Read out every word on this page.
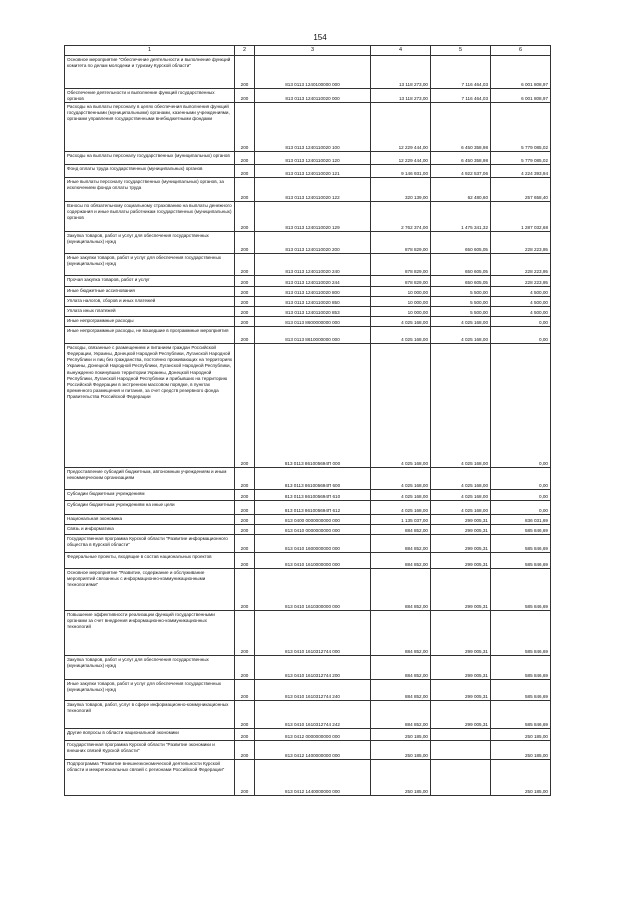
154
1	2	3	4	5	6
Основное мероприятие "Обеспечение деятельности и выполнение функций комитета по делам молодежи и туризму Курской области"	200	813 0113 1240100000 000	13 118 273,00	7 116 464,03	6 001 808,97
Обеспечение деятельности и выполнение функций государственных органов	200	813 0113 1240110020 000	13 118 273,00	7 116 464,03	6 001 808,97
Расходы на выплаты персоналу в целях обеспечения выполнения функций государственными (муниципальными) органами, казенными учреждениями, органами управления государственными внебюджетными фондами	200	813 0113 1240110020 100	12 229 444,00	6 450 358,98	5 779 085,02
Расходы на выплаты персоналу государственных (муниципальных) органов	200	813 0113 1240110020 120	12 229 444,00	6 450 358,98	5 779 085,02
Фонд оплаты труда государственных (муниципальных) органов	200	813 0113 1240110020 121	9 146 931,00	4 922 537,06	4 224 393,94
Иные выплаты персоналу государственных (муниципальных) органов, за исключением фонда оплаты труда	200	813 0113 1240110020 122	320 139,00	62 480,60	257 658,40
Взносы по обязательному социальному страхованию на выплаты денежного содержания и иные выплаты работникам государственных (муниципальных) органов	200	813 0113 1240110020 129	2 762 374,00	1 475 341,32	1 287 032,68
Закупка товаров, работ и услуг для обеспечения государственных (муниципальных) нужд	200	813 0113 1240110020 200	878 829,00	650 605,05	228 223,95
Иные закупки товаров, работ и услуг для обеспечения государственных (муниципальных) нужд	200	813 0113 1240110020 240	878 829,00	650 605,05	228 223,95
Прочая закупка товаров, работ и услуг	200	813 0113 1240110020 244	878 829,00	650 605,05	228 223,95
Иные бюджетные ассигнования	200	813 0113 1240110020 800	10 000,00	5 500,00	4 500,00
Уплата налогов, сборов и иных платежей	200	813 0113 1240110020 850	10 000,00	5 500,00	4 500,00
Уплата иных платежей	200	813 0113 1240110020 853	10 000,00	5 500,00	4 500,00
Иные непрограммные расходы	200	813 0113 8600000000 000	4 025 168,00	4 025 168,00	0,00
Иные непрограммные расходы, не вошедшие в программные мероприятия	200	813 0113 8610000000 000	4 025 168,00	4 025 168,00	0,00
Расходы, связанные с размещением и питанием граждан Российской Федерации, Украины, Донецкой Народной Республики, Луганской Народной Республики и лиц без гражданства, постоянно проживающих на территориях Украины, Донецкой Народной Республики, Луганской Народной Республики, вынужденно покинувших территории Украины, Донецкой Народной Республики, Луганской Народной Республики и прибывших на территорию Российской Федерации в экстренном массовом порядке, в пунктах временного размещения и питания, за счет средств резервного фонда Правительства Российской Федерации	200	813 0113 861005694П 000	4 025 168,00	4 025 168,00	0,00
Предоставление субсидий бюджетным, автономным учреждениям и иным некоммерческим организациям	200	813 0113 861005694П 600	4 025 168,00	4 025 168,00	0,00
Субсидии бюджетным учреждениям	200	813 0113 861005694П 610	4 025 168,00	4 025 168,00	0,00
Субсидии бюджетным учреждениям на иные цели	200	813 0113 861005694П 612	4 025 168,00	4 025 168,00	0,00
Национальная экономика	200	813 0400 0000000000 000	1 135 037,00	299 005,31	836 031,69
Связь и информатика	200	813 0410 0000000000 000	884 852,00	299 005,31	585 846,69
Государственная программа Курской области "Развитие информационного общества в Курской области"	200	813 0410 1600000000 000	884 852,00	299 005,31	585 846,69
Федеральные проекты, входящие в состав национальных проектов	200	813 0410 1610000000 000	884 852,00	299 005,31	585 846,69
Основное мероприятие "Развитие, содержание и обслуживание мероприятий связанных с информационно-коммуникационными технологиями"	200	813 0410 1610300000 000	884 852,00	299 005,31	585 846,69
Повышение эффективности реализации функций государственными органами за счет внедрения информационно-коммуникационных технологий	200	813 0410 1610312744 000	884 852,00	299 005,31	585 846,69
Закупка товаров, работ и услуг для обеспечения государственных (муниципальных) нужд	200	813 0410 1610312744 200	884 852,00	299 005,31	585 846,69
Иные закупки товаров, работ и услуг для обеспечения государственных (муниципальных) нужд	200	813 0410 1610312744 240	884 852,00	299 005,31	585 846,69
Закупка товаров, работ, услуг в сфере информационно-коммуникационных технологий	200	813 0410 1610312744 242	884 852,00	299 005,31	585 846,69
Другие вопросы в области национальной экономики	200	813 0412 0000000000 000	250 185,00		250 185,00
Государственная программа Курской области "Развитие экономики и внешних связей Курской области"	200	813 0412 1400000000 000	250 185,00		250 185,00
Подпрограмма "Развитие внешнеэкономической деятельности Курской области и межрегиональных связей с регионами Российской Федерации"	200	813 0412 1440000000 000	250 185,00		250 185,00
